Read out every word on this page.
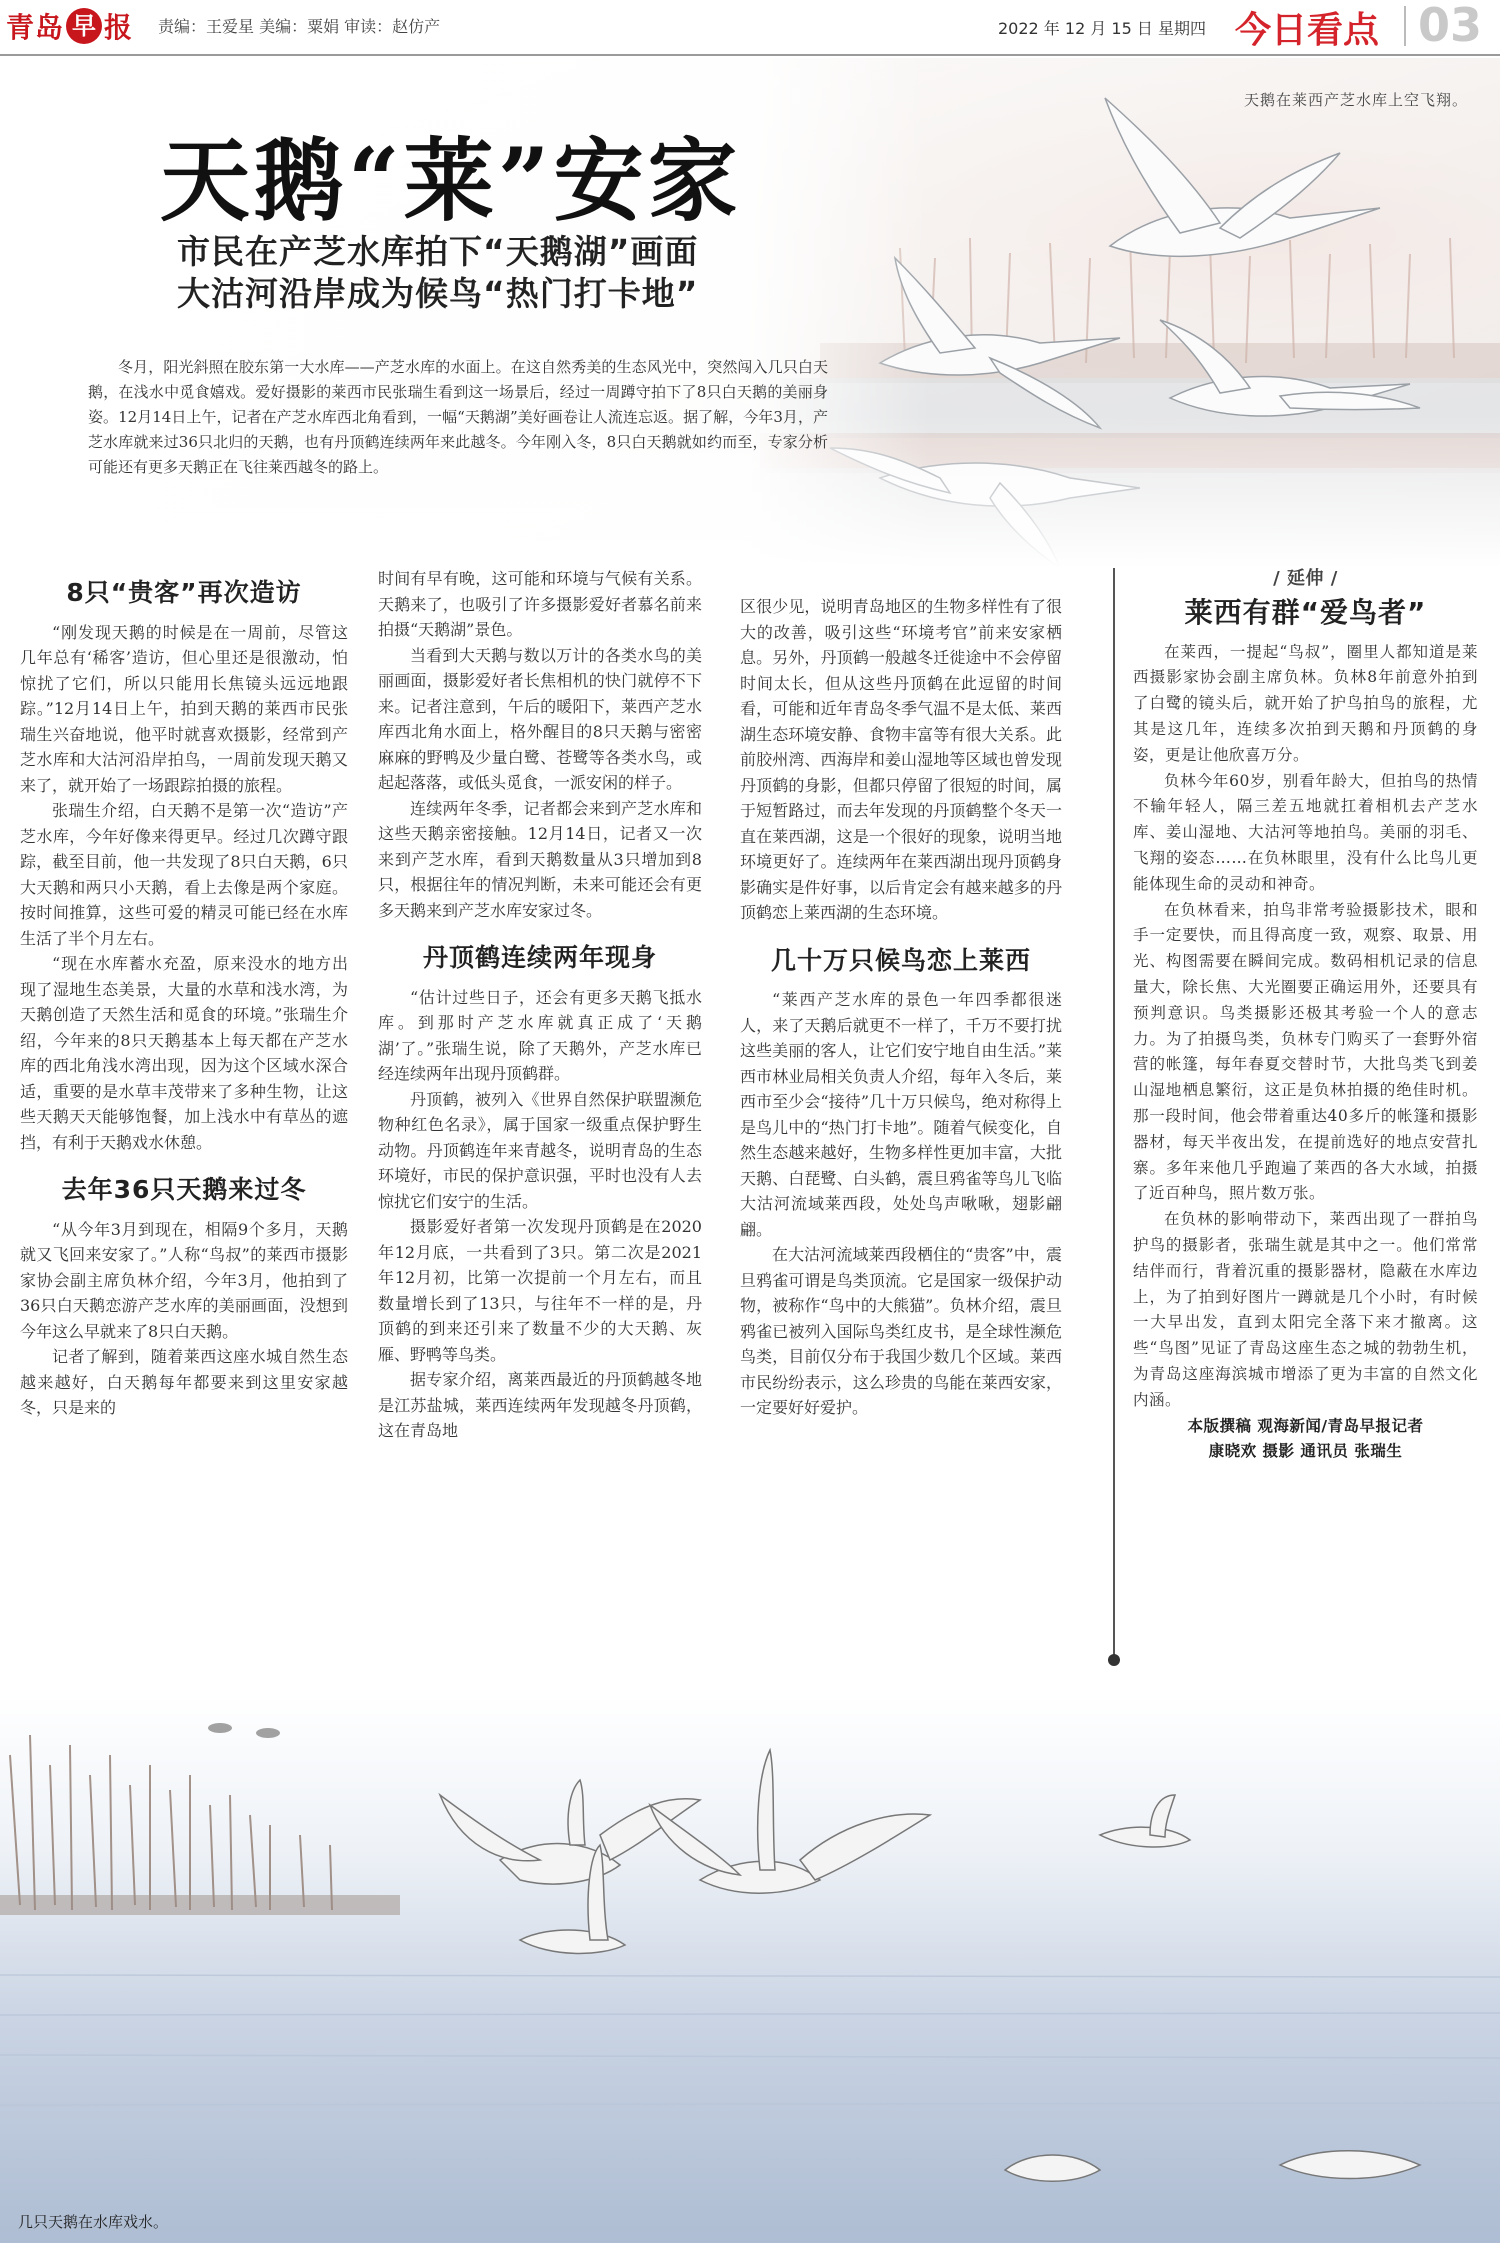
青岛 早 报 责编：王爱星 美编：粟娟 审读：赵仿产	2022 年 12 月 15 日 星期四 今日看点 03
天鹅在莱西产芝水库上空飞翔。
天鹅“莱”安家
市民在产芝水库拍下“天鹅湖”画面
大沽河沿岸成为候鸟“热门打卡地”
冬月，阳光斜照在胶东第一大水库——产芝水库的水面上。在这自然秀美的生态风光中，突然闯入几只白天鹅，在浅水中觅食嬉戏。爱好摄影的莱西市民张瑞生看到这一场景后，经过一周蹲守拍下了8只白天鹅的美丽身姿。12月14日上午，记者在产芝水库西北角看到，一幅“天鹅湖”美好画卷让人流连忘返。据了解，今年3月，产芝水库就来过36只北归的天鹅，也有丹顶鹤连续两年来此越冬。今年刚入冬，8只白天鹅就如约而至，专家分析可能还有更多天鹅正在飞往莱西越冬的路上。
8只“贵客”再次造访

“刚发现天鹅的时候是在一周前，尽管这几年总有‘稀客’造访，但心里还是很激动，怕惊扰了它们，所以只能用长焦镜头远远地跟踪。”12月14日上午，拍到天鹅的莱西市民张瑞生兴奋地说，他平时就喜欢摄影，经常到产芝水库和大沽河沿岸拍鸟，一周前发现天鹅又来了，就开始了一场跟踪拍摄的旅程。

张瑞生介绍，白天鹅不是第一次“造访”产芝水库，今年好像来得更早。经过几次蹲守跟踪，截至目前，他一共发现了8只白天鹅，6只大天鹅和两只小天鹅，看上去像是两个家庭。按时间推算，这些可爱的精灵可能已经在水库生活了半个月左右。

“现在水库蓄水充盈，原来没水的地方出现了湿地生态美景，大量的水草和浅水湾，为天鹅创造了天然生活和觅食的环境。”张瑞生介绍，今年来的8只天鹅基本上每天都在产芝水库的西北角浅水湾出现，因为这个区域水深合适，重要的是水草丰茂带来了多种生物，让这些天鹅天天能够饱餐，加上浅水中有草丛的遮挡，有利于天鹅戏水休憩。

去年36只天鹅来过冬

“从今年3月到现在，相隔9个多月，天鹅就又飞回来安家了。”人称“鸟叔”的莱西市摄影家协会副主席负林介绍，今年3月，他拍到了36只白天鹅恋游产芝水库的美丽画面，没想到今年这么早就来了8只白天鹅。

记者了解到，随着莱西这座水城自然生态越来越好，白天鹅每年都要来到这里安家越冬，只是来的

时间有早有晚，这可能和环境与气候有关系。天鹅来了，也吸引了许多摄影爱好者慕名前来拍摄“天鹅湖”景色。

当看到大天鹅与数以万计的各类水鸟的美丽画面，摄影爱好者长焦相机的快门就停不下来。记者注意到，午后的暖阳下，莱西产芝水库西北角水面上，格外醒目的8只天鹅与密密麻麻的野鸭及少量白鹭、苍鹭等各类水鸟，或起起落落，或低头觅食，一派安闲的样子。

连续两年冬季，记者都会来到产芝水库和这些天鹅亲密接触。12月14日，记者又一次来到产芝水库，看到天鹅数量从3只增加到8只，根据往年的情况判断，未来可能还会有更多天鹅来到产芝水库安家过冬。

丹顶鹤连续两年现身

“估计过些日子，还会有更多天鹅飞抵水库。到那时产芝水库就真正成了‘天鹅湖’了。”张瑞生说，除了天鹅外，产芝水库已经连续两年出现丹顶鹤群。

丹顶鹤，被列入《世界自然保护联盟濒危物种红色名录》，属于国家一级重点保护野生动物。丹顶鹤连年来青越冬，说明青岛的生态环境好，市民的保护意识强，平时也没有人去惊扰它们安宁的生活。

摄影爱好者第一次发现丹顶鹤是在2020年12月底，一共看到了3只。第二次是2021年12月初，比第一次提前一个月左右，而且数量增长到了13只，与往年不一样的是，丹顶鹤的到来还引来了数量不少的大天鹅、灰雁、野鸭等鸟类。

据专家介绍，离莱西最近的丹顶鹤越冬地是江苏盐城，莱西连续两年发现越冬丹顶鹤，这在青岛地

区很少见，说明青岛地区的生物多样性有了很大的改善，吸引这些“环境考官”前来安家栖息。另外，丹顶鹤一般越冬迁徙途中不会停留时间太长，但从这些丹顶鹤在此逗留的时间看，可能和近年青岛冬季气温不是太低、莱西湖生态环境安静、食物丰富等有很大关系。此前胶州湾、西海岸和姜山湿地等区域也曾发现丹顶鹤的身影，但都只停留了很短的时间，属于短暂路过，而去年发现的丹顶鹤整个冬天一直在莱西湖，这是一个很好的现象，说明当地环境更好了。连续两年在莱西湖出现丹顶鹤身影确实是件好事，以后肯定会有越来越多的丹顶鹤恋上莱西湖的生态环境。

几十万只候鸟恋上莱西

“莱西产芝水库的景色一年四季都很迷人，来了天鹅后就更不一样了，千万不要打扰这些美丽的客人，让它们安宁地自由生活。”莱西市林业局相关负责人介绍，每年入冬后，莱西市至少会“接待”几十万只候鸟，绝对称得上是鸟儿中的“热门打卡地”。随着气候变化，自然生态越来越好，生物多样性更加丰富，大批天鹅、白琵鹭、白头鹤，震旦鸦雀等鸟儿飞临大沽河流域莱西段，处处鸟声啾啾，翅影翩翩。

在大沽河流域莱西段栖住的“贵客”中，震旦鸦雀可谓是鸟类顶流。它是国家一级保护动物，被称作“鸟中的大熊猫”。负林介绍，震旦鸦雀已被列入国际鸟类红皮书，是全球性濒危鸟类，目前仅分布于我国少数几个区域。莱西市民纷纷表示，这么珍贵的鸟能在莱西安家，一定要好好爱护。

/ 延伸 /
莱西有群“爱鸟者”

在莱西，一提起“鸟叔”，圈里人都知道是莱西摄影家协会副主席负林。负林8年前意外拍到了白鹭的镜头后，就开始了护鸟拍鸟的旅程，尤其是这几年，连续多次拍到天鹅和丹顶鹤的身姿，更是让他欣喜万分。

负林今年60岁，别看年龄大，但拍鸟的热情不输年轻人，隔三差五地就扛着相机去产芝水库、姜山湿地、大沽河等地拍鸟。美丽的羽毛、飞翔的姿态……在负林眼里，没有什么比鸟儿更能体现生命的灵动和神奇。

在负林看来，拍鸟非常考验摄影技术，眼和手一定要快，而且得高度一致，观察、取景、用光、构图需要在瞬间完成。数码相机记录的信息量大，除长焦、大光圈要正确运用外，还要具有预判意识。鸟类摄影还极其考验一个人的意志力。为了拍摄鸟类，负林专门购买了一套野外宿营的帐篷，每年春夏交替时节，大批鸟类飞到姜山湿地栖息繁衍，这正是负林拍摄的绝佳时机。那一段时间，他会带着重达40多斤的帐篷和摄影器材，每天半夜出发，在提前选好的地点安营扎寨。多年来他几乎跑遍了莱西的各大水域，拍摄了近百种鸟，照片数万张。

在负林的影响带动下，莱西出现了一群拍鸟护鸟的摄影者，张瑞生就是其中之一。他们常常结伴而行，背着沉重的摄影器材，隐蔽在水库边上，为了拍到好图片一蹲就是几个小时，有时候一大早出发，直到太阳完全落下来才撤离。这些“鸟图”见证了青岛这座生态之城的勃勃生机，为青岛这座海滨城市增添了更为丰富的自然文化内涵。

本版撰稿 观海新闻/青岛早报记者

康晓欢 摄影 通讯员 张瑞生

几只天鹅在水库戏水。
